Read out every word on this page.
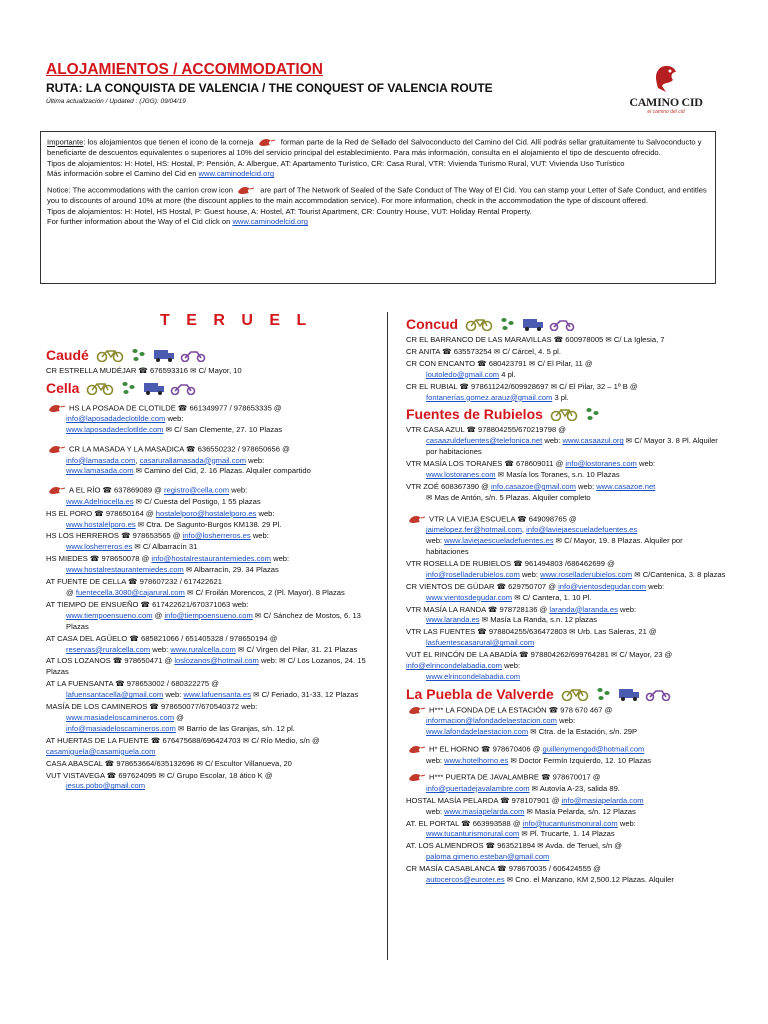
ALOJAMIENTOS / ACCOMMODATION
RUTA: LA CONQUISTA DE VALENCIA / THE CONQUEST OF VALENCIA ROUTE
Última actualización / Updated : (JGG): 09/04/19	CAMINO CID
el camino del cid

Importante: los alojamientos que tienen el icono de la corneja	forman parte de la Red de Sellado del Salvoconducto del Camino del Cid. Allí podrás sellar gratuitamente tu Salvoconducto y beneficiarte de descuentos equivalentes o superiores al 10% del servicio principal del establecimiento. Para más información, consulta en el alojamiento el tipo de descuento ofrecido.

Tipos de alojamientos: H: Hotel, HS: Hostal, P: Pensión, A: Albergue, AT: Apartamento Turístico, CR: Casa Rural, VTR: Vivienda Turismo Rural, VUT: Vivienda Uso Turístico

Más información sobre el Camino del Cid en www.caminodelcid.org

Notice: The accommodations with the carrion crow icon	are part of The Network of Sealed of the Safe Conduct of The Way of El Cid. You can stamp your Letter of Safe Conduct, and entitles you to discounts of around 10% at more (the discount applies to the main accommodation service). For more information, check in the accommodation the type of discount offered.

Tipos de alojamientos: H: Hotel, HS Hostal, P: Guest house, A: Hostel, AT: Tourist Apartment, CR: Country House, VUT: Holiday Rental Property.

For further information about the Way of el Cid click on www.caminodelcid.org

T E R U E L
Caudé
CR ESTRELLA MUDÉJAR ☎ 676593316 ✉ C/ Mayor, 10
Cella
HS LA POSADA DE CLOTILDE ☎ 661349977 / 978653335 @
info@laposadadeclotilde.com web:
www.laposadadeclotilde.com ✉ C/ San Clemente, 27. 10 Plazas
CR LA MASADA Y LA MASADICA ☎ 636550232 / 978650656 @
info@lamasada.com, casarurallamasada@gmail.com web:
www.lamasada.com ✉ Camino del Cid, 2. 16 Plazas. Alquiler compartido
A EL RÍO ☎ 637869089 @ registro@cella.com web:
www.Adelriocella.es ✉ C/ Cuesta del Postigo, 1 55 plazas
HS EL PORO ☎ 978650164 @ hostalelporo@hostalelporo.es web:
www.hostalelporo.es ✉ Ctra. De Sagunto-Burgos KM138. 29 Pl.
HS LOS HERREROS ☎ 978653565 @ info@losherreros.es web:
www.losherreros.es ✉ C/ Albarracín 31
HS MIEDES ☎ 978650078 @ info@hostalrestaurantemiedes.com web:
www.hostalrestaurantemiedes.com ✉ Albarracín, 29. 34 Plazas
AT FUENTE DE CELLA ☎ 978607232 / 617422621
@ fuentecella.3080@cajarural.com ✉ C/ Froilán Morencos, 2 (Pl. Mayor). 8 Plazas
AT TIEMPO DE ENSUEÑO ☎ 617422621/670371063 web:
www.tiempoensueno.com @ info@tiempoensueno.com ✉ C/ Sánchez de Mostos, 6. 13 Plazas
AT CASA DEL AGÜELO ☎ 685821066 / 651405328 / 978650194 @
reservas@ruralcella.com web: www.ruralcella.com ✉ C/ Virgen del Pilar, 31. 21 Plazas
AT LOS LOZANOS ☎ 978650471 @ loslozanos@hotmail.com web: ✉ C/ Los Lozanos, 24. 15 Plazas
AT LA FUENSANTA ☎ 978653002 / 680322275 @
lafuensantacella@gmail.com web: www.lafuensanta.es ✉ C/ Feriado, 31-33. 12 Plazas
MASÍA DE LOS CAMINEROS ☎ 978650077/670540372 web:
www.masiadeloscamineros.com @
info@masiadeloscamineros.com ✉ Barrio de las Granjas, s/n. 12 pl.
AT HUERTAS DE LA FUENTE ☎ 676475688/696424703 ✉ C/ Río Medio, s/n @ casamiguela@casamiguela.com
CASA ABASCAL ☎ 978653664/635132696 ✉ C/ Escultor Villanueva, 20
VUT VISTAVEGA ☎ 697624095 ✉ C/ Grupo Escolar, 18 ático K @
jesus.pobo@gmail.com
Concud
CR EL BARRANCO DE LAS MARAVILLAS ☎ 600978005 ✉ C/ La Iglesia, 7
CR ANITA ☎ 635573254 ✉ C/ Cárcel, 4. 5 pl.
CR CON ENCANTO ☎ 680423791 ✉ C/ El Pilar, 11 @
loutoledo@gmail.com 4 pl.
CR EL RUBIAL ☎ 978611242/609928697 ✉ C/ El Pilar, 32 – 1º B @
fontanerías.gomez.arauz@gmail.com 3 pl.
Fuentes de Rubielos
VTR CASA AZUL ☎ 978804255/670219798 @
casaazuldefuentes@telefonica.net web: www.casaazul.org ✉ C/ Mayor 3. 8 Pl. Alquiler por habitaciones
VTR MASÍA LOS TORANES ☎ 678609011 @ info@lostoranes.com web:
www.lostoranes.com ✉ Masía los Toranes, s.n. 10 Plazas
VTR ZOÉ 608367390 @ info.casazoe@gmail.com web: www.casazoe.net
✉ Mas de Antón, s/n. 5 Plazas. Alquiler completo
VTR LA VIEJA ESCUELA ☎ 649098765 @
jaimelopez.fer@hotmail.com, info@laviejaescueladefuentes.es
web: www.laviejaescueladefuentes.es ✉ C/ Mayor, 19. 8 Plazas. Alquiler por habitaciones
VTR ROSELLA DE RUBIELOS ☎ 961494803 /686462699 @
info@roselladerubielos.com web: www.roselladerubielos.com ✉ C/Cantenica, 3. 8 plazas
CR VIENTOS DE GÚDAR ☎ 629750707 @ info@vientosdegudar.com web:
www.vientosdegudar.com ✉ C/ Cantera, 1. 10 Pl.
VTR MASÍA LA RANDA ☎ 978728136 @ laranda@laranda.es web:
www.laranda.es ✉ Masía La Randa, s.n. 12 plazas
VTR LAS FUENTES ☎ 978804255/636472803 ✉ Urb. Las Saleras, 21 @
lasfuentescasarural@gmail.com
VUT EL RINCÓN DE LA ABADÍA ☎ 978804262/699764281 ✉ C/ Mayor, 23 @ info@elrincondelabadia.com web:
www.elrincondelabadia.com
La Puebla de Valverde
H*** LA FONDA DE LA ESTACIÓN ☎ 978 670 467 @
informacion@lafondadelaestacion.com web:
www.lafondadelaestacion.com ✉ Ctra. de la Estación, s/n. 29P
H* EL HORNO ☎ 978670406 @ guillenymengod@hotmail.com
web: www.hotelhorno.es ✉ Doctor Fermín Izquierdo, 12. 10 Plazas
H*** PUERTA DE JAVALAMBRE ☎ 978670017 @
info@puertadejavalambre.com ✉ Autovía A-23, salida 89.
HOSTAL MASÍA PELARDA ☎ 978107901 @ info@masiapelarda.com
web: www.masiapelarda.com ✉ Masía Pelarda, s/n. 12 Plazas
AT. EL PORTAL ☎ 663993588 @ info@tucanturismorural.com web:
www.tucanturismorural.com ✉ Pl. Trucarte, 1. 14 Plazas
AT. LOS ALMENDROS ☎ 963521894 ✉ Avda. de Teruel, s/n @
paloma.gimeno.esteban@gmail.com
CR MASÍA CASABLANCA ☎ 978670035 / 606424555 @
autocercos@euroter.es ✉ Cno. el Manzano, KM 2,500.12 Plazas. Alquiler
